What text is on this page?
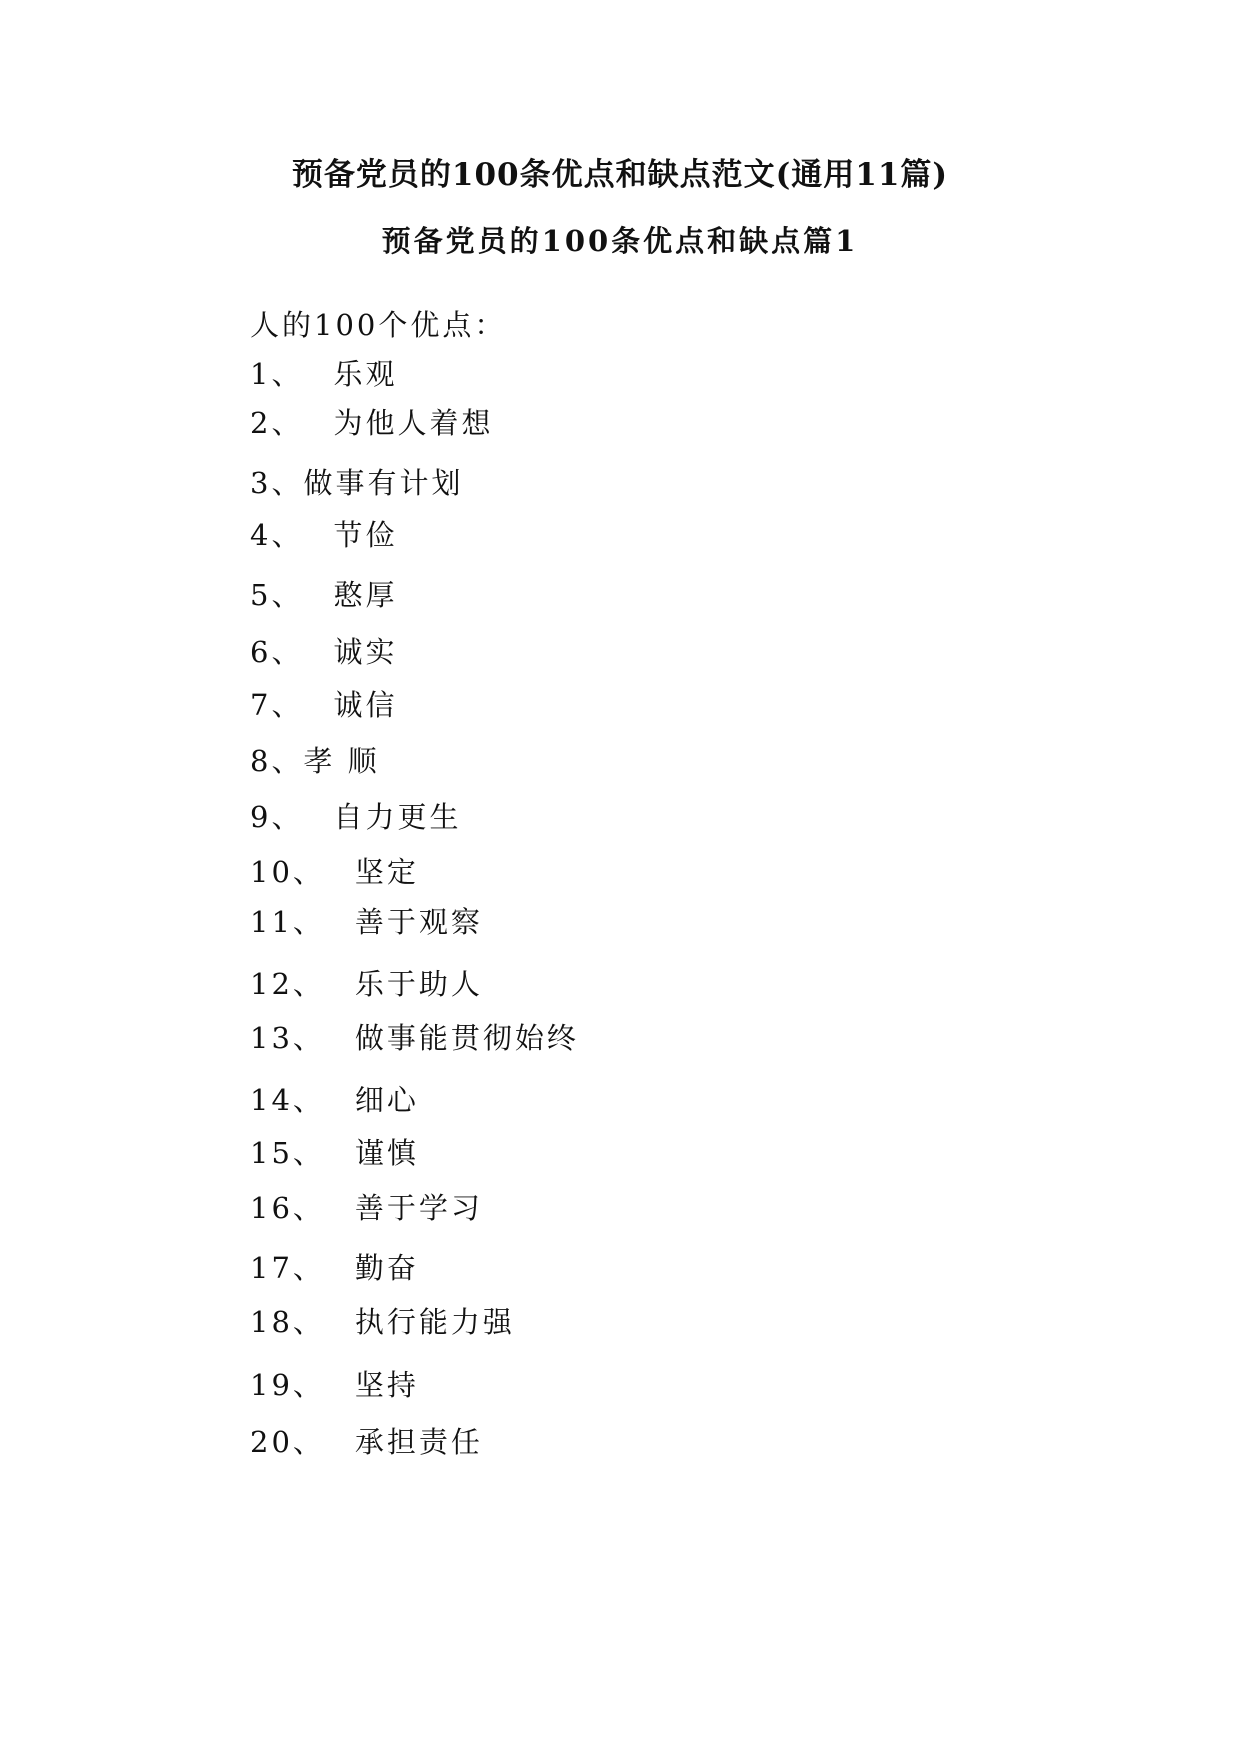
预备党员的100条优点和缺点范文(通用11篇)
预备党员的100条优点和缺点篇1

人的100个优点：

1、 乐观
2、 为他人着想
3、做事有计划
4、 节俭
5、 憨厚
6、 诚实
7、 诚信
8、孝 顺
9、 自力更生
10、 坚定
11、 善于观察
12、 乐于助人
13、 做事能贯彻始终
14、 细心
15、 谨慎
16、 善于学习
17、 勤奋
18、 执行能力强
19、 坚持
20、 承担责任
